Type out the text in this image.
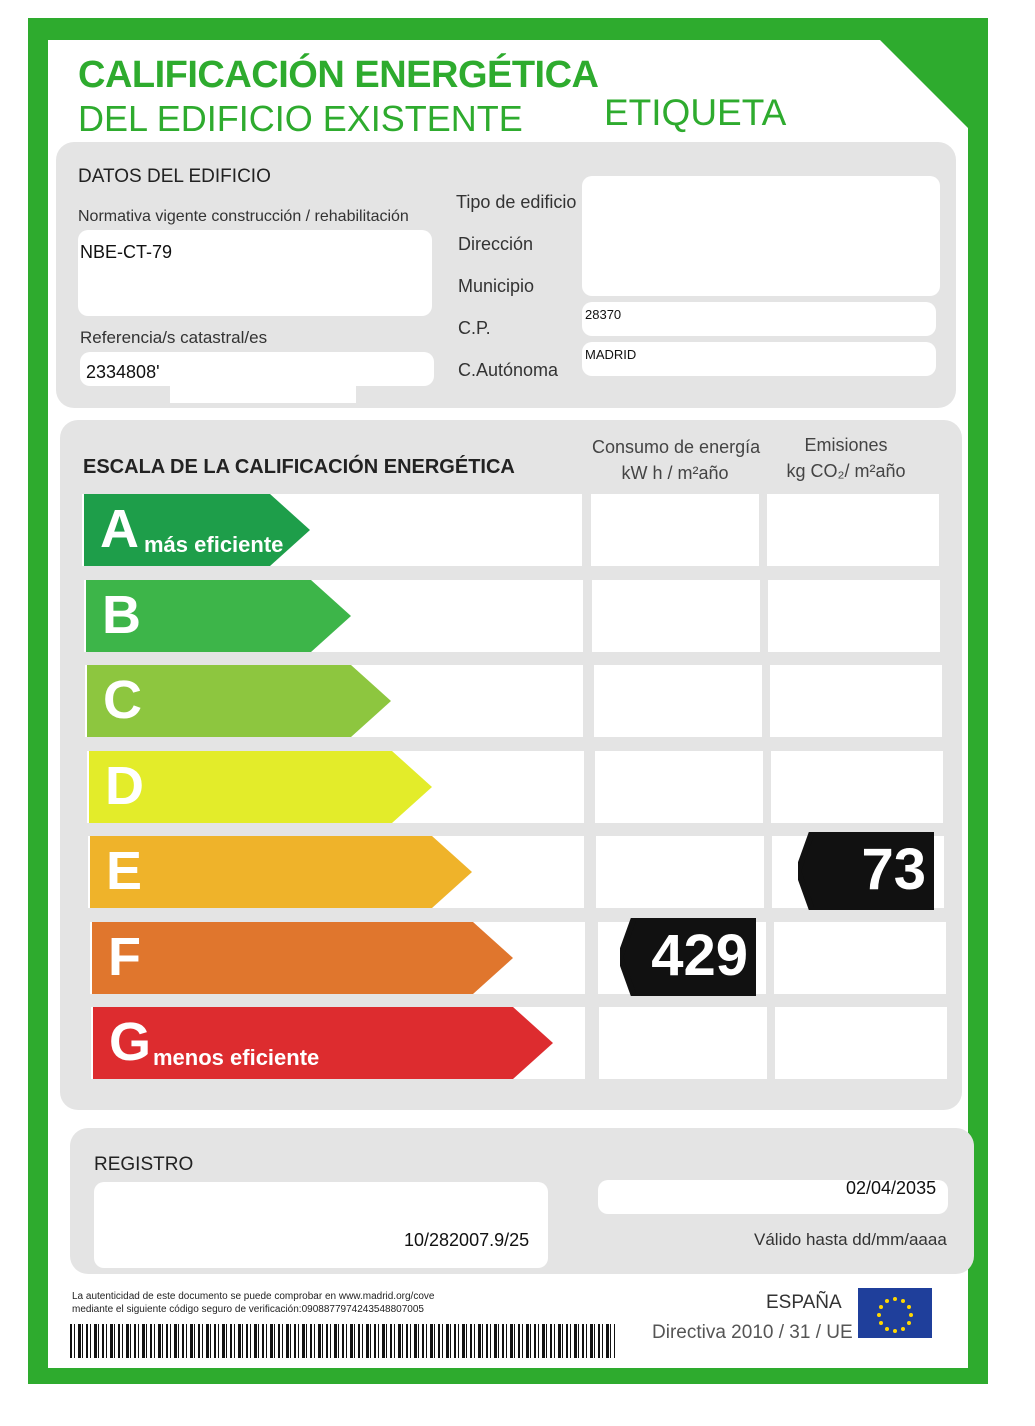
CALIFICACIÓN ENERGÉTICA
DEL EDIFICIO EXISTENTE ETIQUETA
DATOS DEL EDIFICIO
Normativa vigente construcción / rehabilitación
NBE-CT-79
Referencia/s catastral/es
2334808'
Tipo de edificio
Dirección
Municipio
C.P.
C.Autónoma
28370
MADRID
ESCALA DE LA CALIFICACIÓN ENERGÉTICA
Consumo de energía
kW h / m²año
Emisiones
kg CO₂/ m²año
A más eficiente
B
C
D
E
F
G menos eficiente
429
73
REGISTRO
10/282007.9/25
02/04/2035
Válido hasta dd/mm/aaaa
La autenticidad de este documento se puede comprobar en www.madrid.org/cove
mediante el siguiente código seguro de verificación:0908877974243548807005	ESPAÑA
Directiva 2010 / 31 / UE
